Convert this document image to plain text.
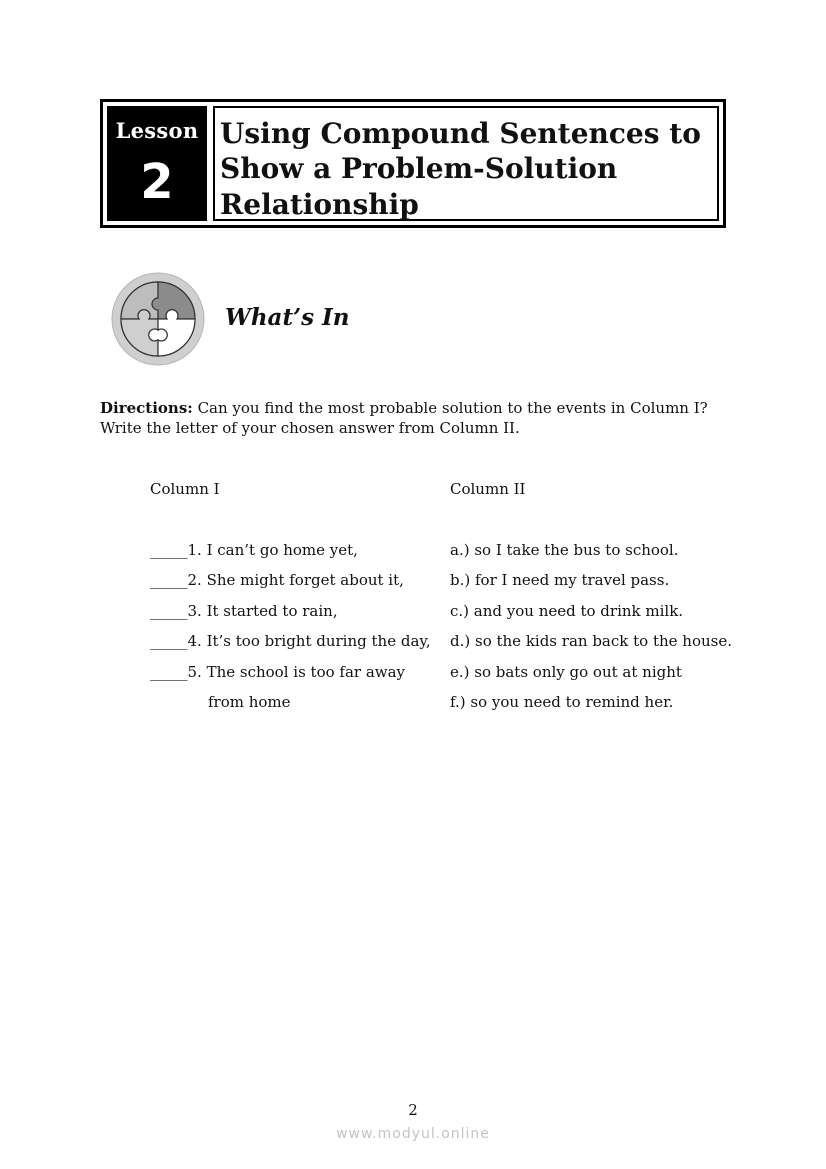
Lesson
2
Using Compound Sentences to
Show a Problem-Solution
Relationship
What’s In
Directions: Can you find the most probable solution to the events in Column I? Write the letter of your chosen answer from Column II.
Column I	Column II
_____1. I can’t go home yet,
_____2. She might forget about it,
_____3. It started to rain,
_____4. It’s too bright during the day,
_____5. The school is too far away
from home
a.) so I take the bus to school.
b.) for I need my travel pass.
c.) and you need to drink milk.
d.) so the kids ran back to the house.
e.) so bats only go out at night
f.) so you need to remind her.
2
www.modyul.online
